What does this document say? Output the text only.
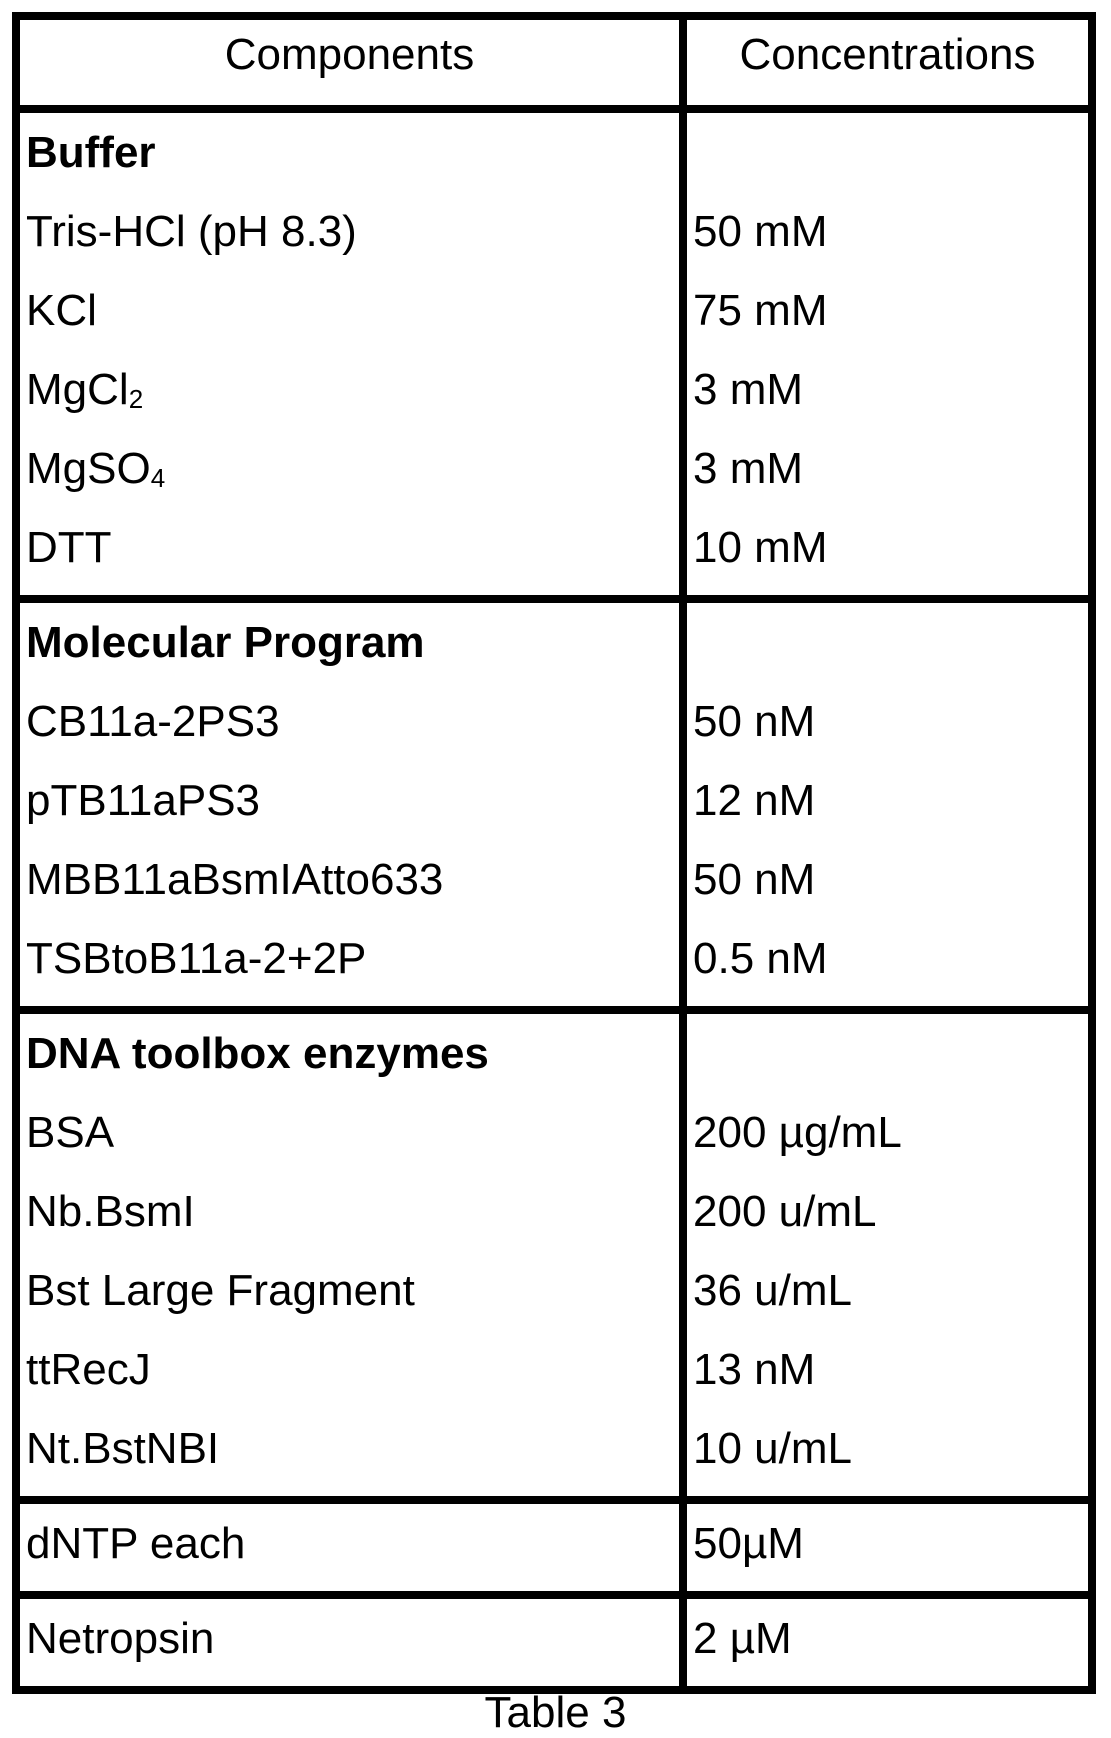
Components	Concentrations
Buffer
Tris-HCl (pH 8.3)
KCl
MgCl2
MgSO4
DTT
50 mM
75 mM
3 mM
3 mM
10 mM
Molecular Program
CB11a-2PS3
pTB11aPS3
MBB11aBsmIAtto633
TSBtoB11a-2+2P
50 nM
12 nM
50 nM
0.5 nM
DNA toolbox enzymes
BSA
Nb.BsmI
Bst Large Fragment
ttRecJ
Nt.BstNBI
200 µg/mL
200 u/mL
36 u/mL
13 nM
10 u/mL
dNTP each	50µM
Netropsin	2 µM
Table 3
